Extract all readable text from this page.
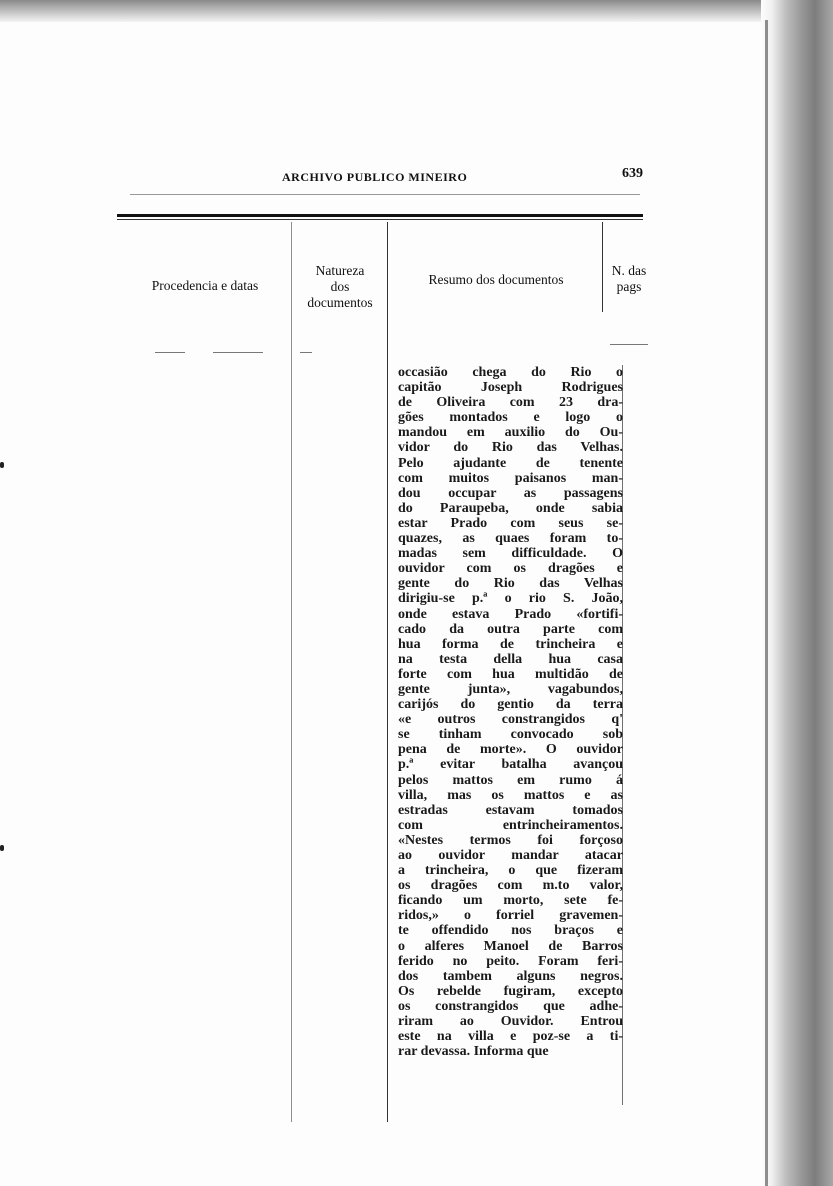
ARCHIVO PUBLICO MINEIRO	639
Procedencia e datas
Natureza
dos
documentos
Resumo dos documentos
N. das
pags
occasião chega do Rio o
capitão Joseph Rodrigues
de Oliveira com 23 dra-
gões montados e logo o
mandou em auxilio do Ou-
vidor do Rio das Velhas.
Pelo ajudante de tenente
com muitos paisanos man-
dou occupar as passagens
do Paraupeba, onde sabia
estar Prado com seus se-
quazes, as quaes foram to-
madas sem difficuldade. O
ouvidor com os dragões e
gente do Rio das Velhas
dirigiu-se p.ª o rio S. João,
onde estava Prado «fortifi-
cado da outra parte com
hua forma de trincheira e
na testa della hua casa
forte com hua multidão de
gente junta», vagabundos,
carijós do gentio da terra
«e outros constrangidos q'
se tinham convocado sob
pena de morte». O ouvidor
p.ª evitar batalha avançou
pelos mattos em rumo á
villa, mas os mattos e as
estradas estavam tomados
com entrincheiramentos.
«Nestes termos foi forçoso
ao ouvidor mandar atacar
a trincheira, o que fizeram
os dragões com m.to valor,
ficando um morto, sete fe-
ridos,» o forriel gravemen-
te offendido nos braços e
o alferes Manoel de Barros
ferido no peito. Foram feri-
dos tambem alguns negros.
Os rebelde fugiram, excepto
os constrangidos que adhe-
riram ao Ouvidor. Entrou
este na villa e poz-se a ti-
rar devassa. Informa que
